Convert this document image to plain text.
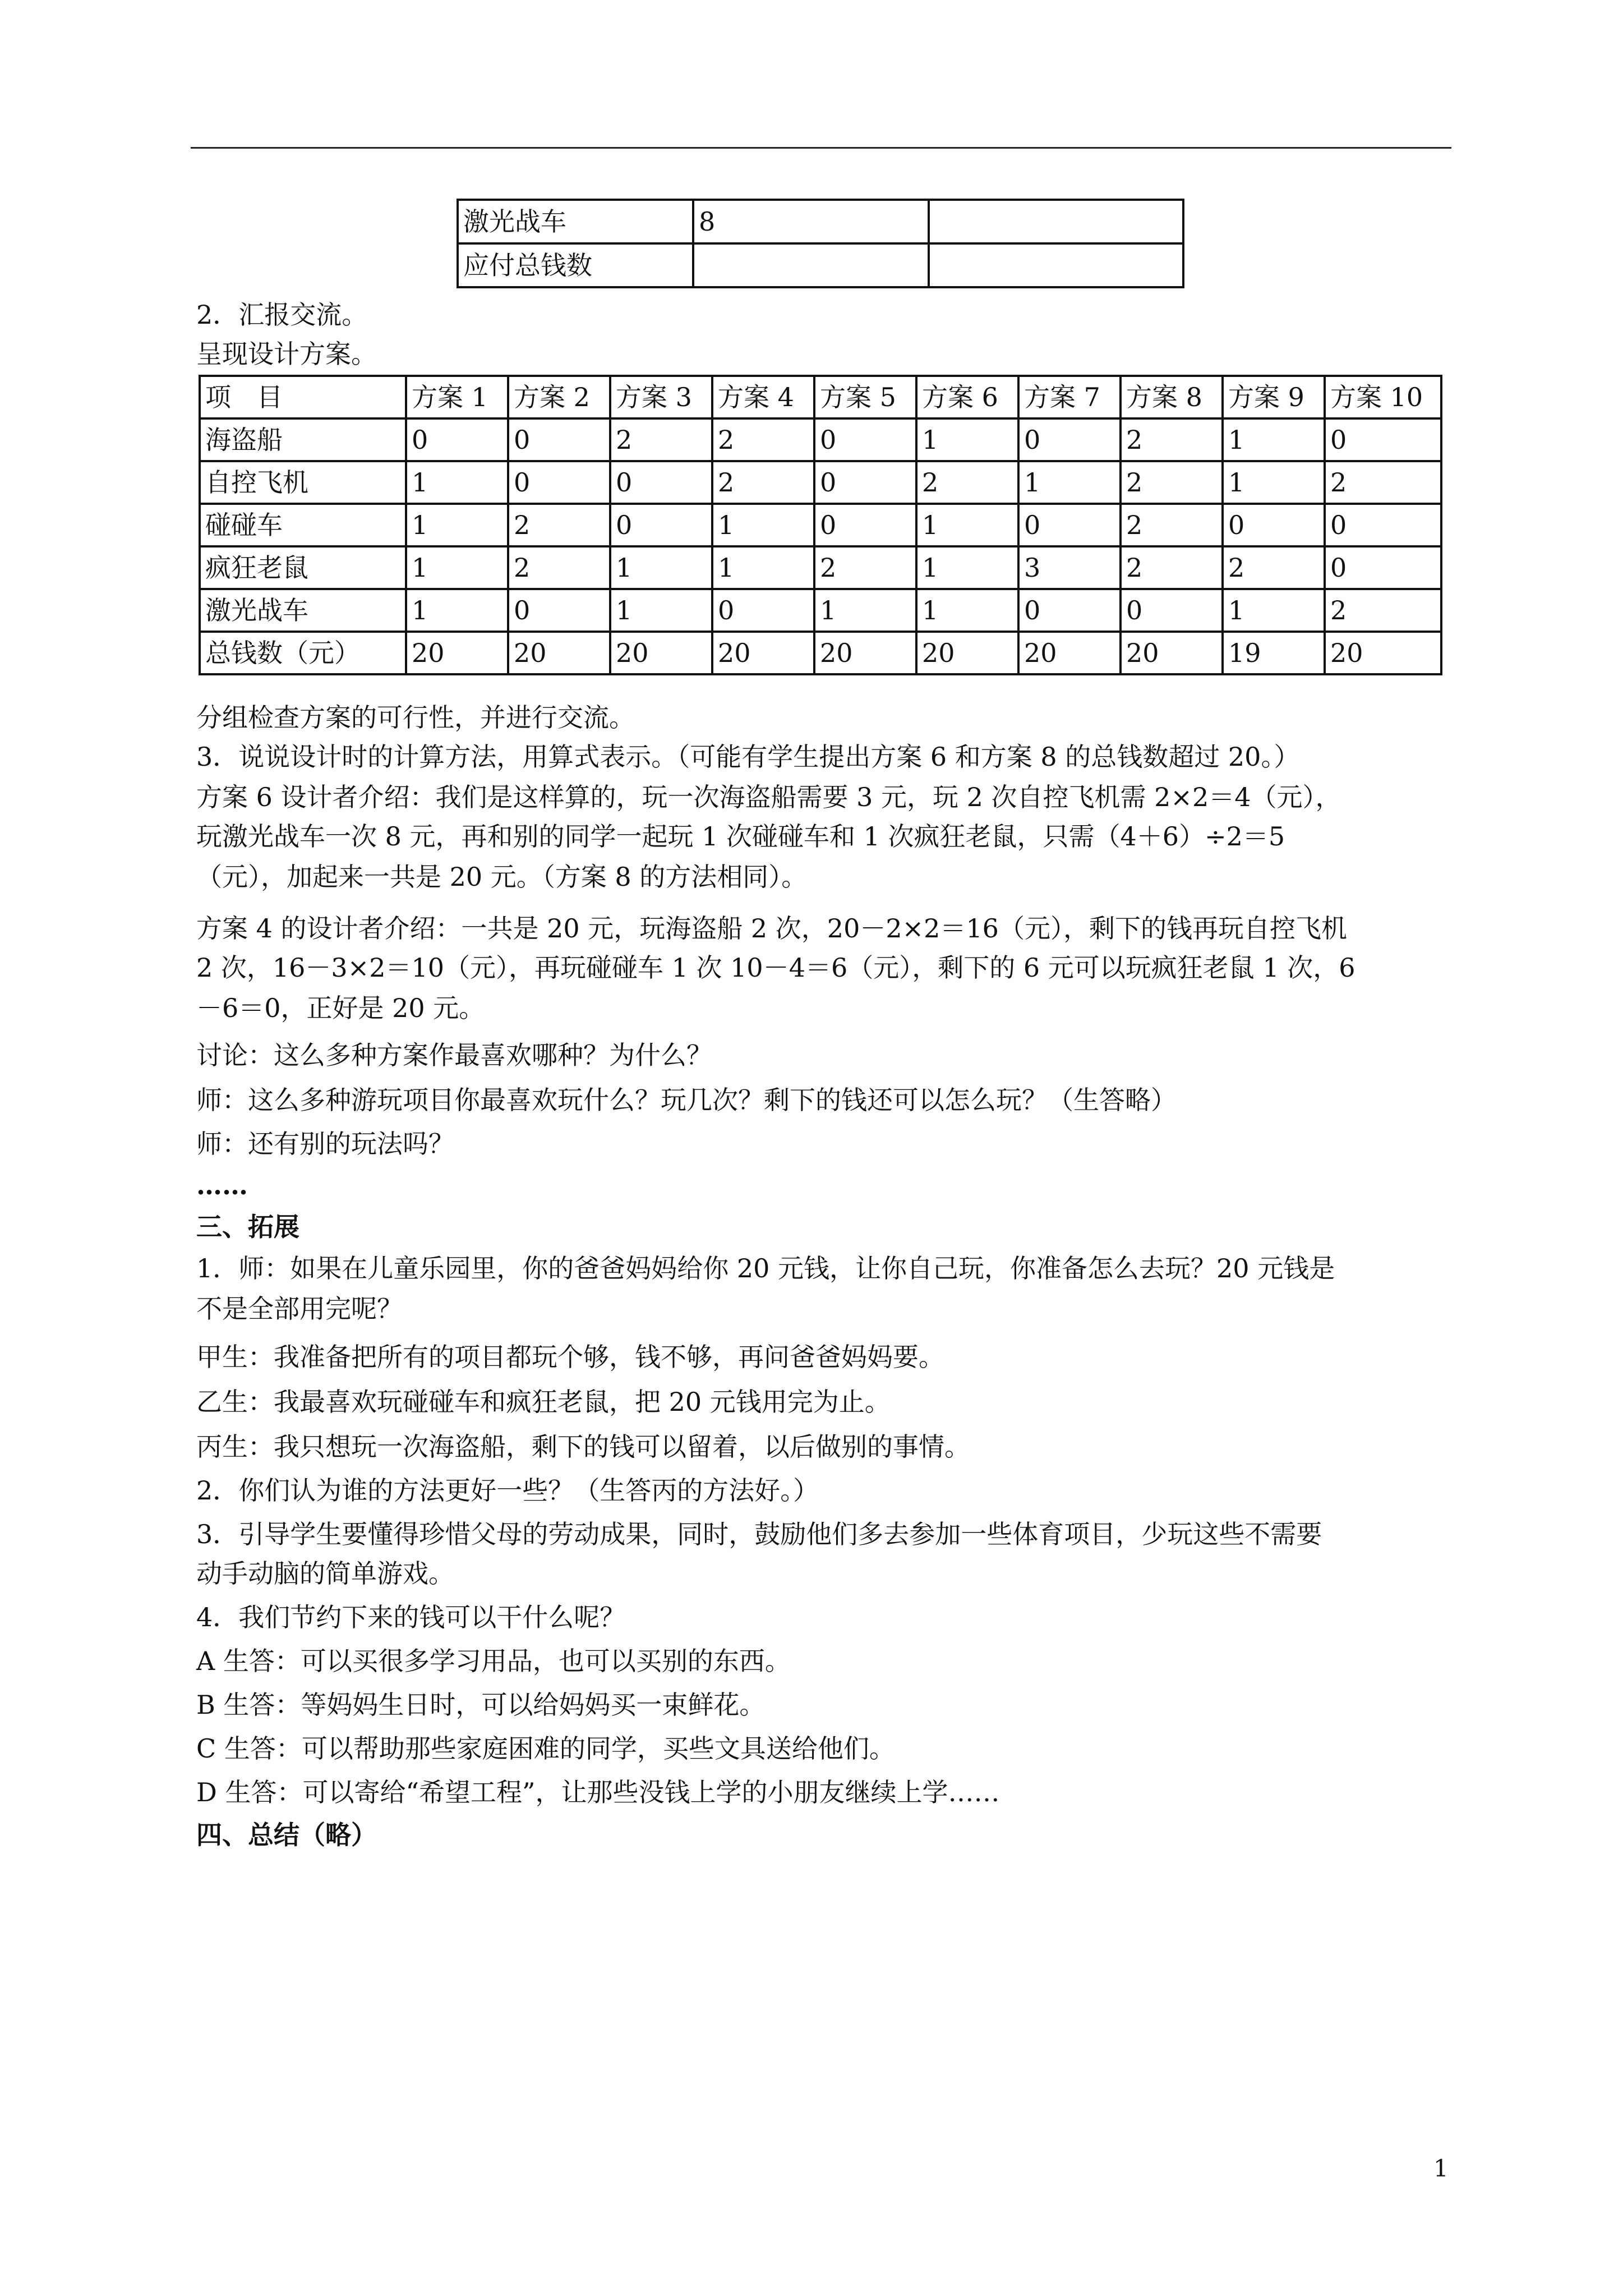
激光战车	8	
应付总钱数		
2．汇报交流。
呈现设计方案。
项　目	方案 1	方案 2	方案 3	方案 4	方案 5	方案 6	方案 7	方案 8	方案 9	方案 10
海盗船	0	0	2	2	0	1	0	2	1	0
自控飞机	1	0	0	2	0	2	1	2	1	2
碰碰车	1	2	0	1	0	1	0	2	0	0
疯狂老鼠	1	2	1	1	2	1	3	2	2	0
激光战车	1	0	1	0	1	1	0	0	1	2
总钱数（元）	20	20	20	20	20	20	20	20	19	20
分组检查方案的可行性，并进行交流。
3．说说设计时的计算方法，用算式表示。（可能有学生提出方案 6 和方案 8 的总钱数超过 20。）
方案 6 设计者介绍：我们是这样算的，玩一次海盗船需要 3 元，玩 2 次自控飞机需 2×2＝4（元），
玩激光战车一次 8 元，再和别的同学一起玩 1 次碰碰车和 1 次疯狂老鼠，只需（4＋6）÷2＝5
（元），加起来一共是 20 元。（方案 8 的方法相同）。
方案 4 的设计者介绍：一共是 20 元，玩海盗船 2 次，20－2×2＝16（元），剩下的钱再玩自控飞机
2 次，16－3×2＝10（元），再玩碰碰车 1 次 10－4＝6（元），剩下的 6 元可以玩疯狂老鼠 1 次，6
－6＝0，正好是 20 元。
讨论：这么多种方案作最喜欢哪种？为什么？
师：这么多种游玩项目你最喜欢玩什么？玩几次？剩下的钱还可以怎么玩？（生答略）
师：还有别的玩法吗？
……
三、拓展
1．师：如果在儿童乐园里，你的爸爸妈妈给你 20 元钱，让你自己玩，你准备怎么去玩？20 元钱是
不是全部用完呢？
甲生：我准备把所有的项目都玩个够，钱不够，再问爸爸妈妈要。
乙生：我最喜欢玩碰碰车和疯狂老鼠，把 20 元钱用完为止。
丙生：我只想玩一次海盗船，剩下的钱可以留着，以后做别的事情。
2．你们认为谁的方法更好一些？（生答丙的方法好。）
3．引导学生要懂得珍惜父母的劳动成果，同时，鼓励他们多去参加一些体育项目，少玩这些不需要
动手动脑的简单游戏。
4．我们节约下来的钱可以干什么呢？
A 生答：可以买很多学习用品，也可以买别的东西。
B 生答：等妈妈生日时，可以给妈妈买一束鲜花。
C 生答：可以帮助那些家庭困难的同学，买些文具送给他们。
D 生答：可以寄给“希望工程”，让那些没钱上学的小朋友继续上学……
四、总结（略）
1
